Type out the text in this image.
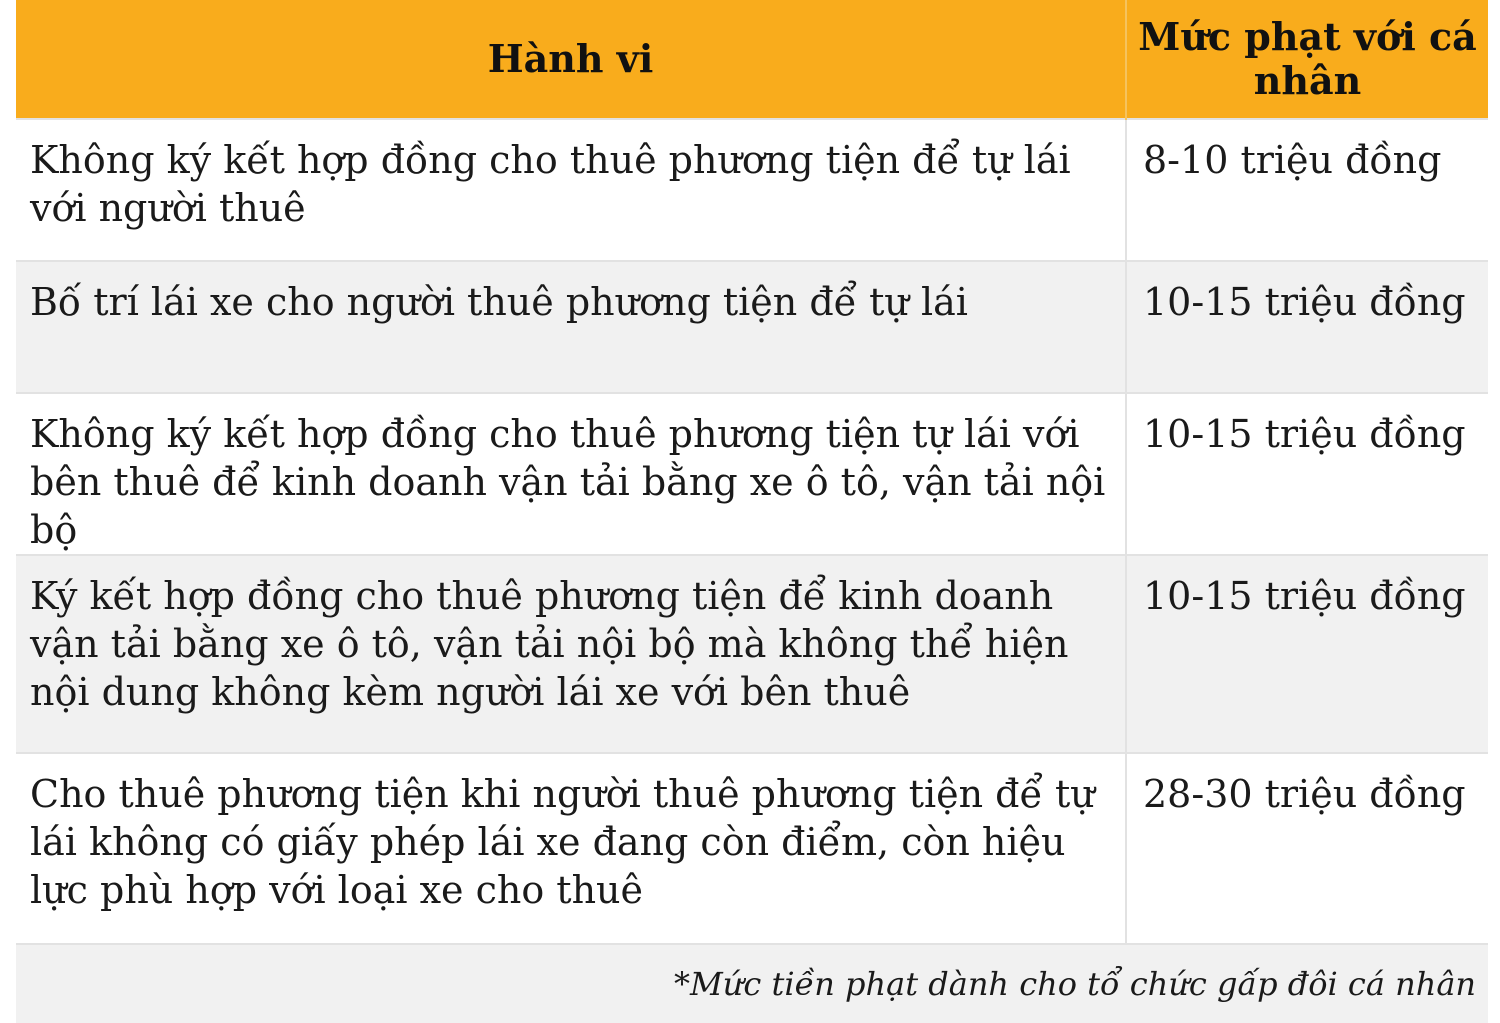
Hành vi	Mức phạt với cá nhân
Không ký kết hợp đồng cho thuê phương tiện để tự lái với người thuê	8-10 triệu đồng
Bố trí lái xe cho người thuê phương tiện để tự lái	10-15 triệu đồng
Không ký kết hợp đồng cho thuê phương tiện tự lái với bên thuê để kinh doanh vận tải bằng xe ô tô, vận tải nội bộ	10-15 triệu đồng
Ký kết hợp đồng cho thuê phương tiện để kinh doanh vận tải bằng xe ô tô, vận tải nội bộ mà không thể hiện nội dung không kèm người lái xe với bên thuê	10-15 triệu đồng
Cho thuê phương tiện khi người thuê phương tiện để tự lái không có giấy phép lái xe đang còn điểm, còn hiệu lực phù hợp với loại xe cho thuê	28-30 triệu đồng
*Mức tiền phạt dành cho tổ chức gấp đôi cá nhân	
